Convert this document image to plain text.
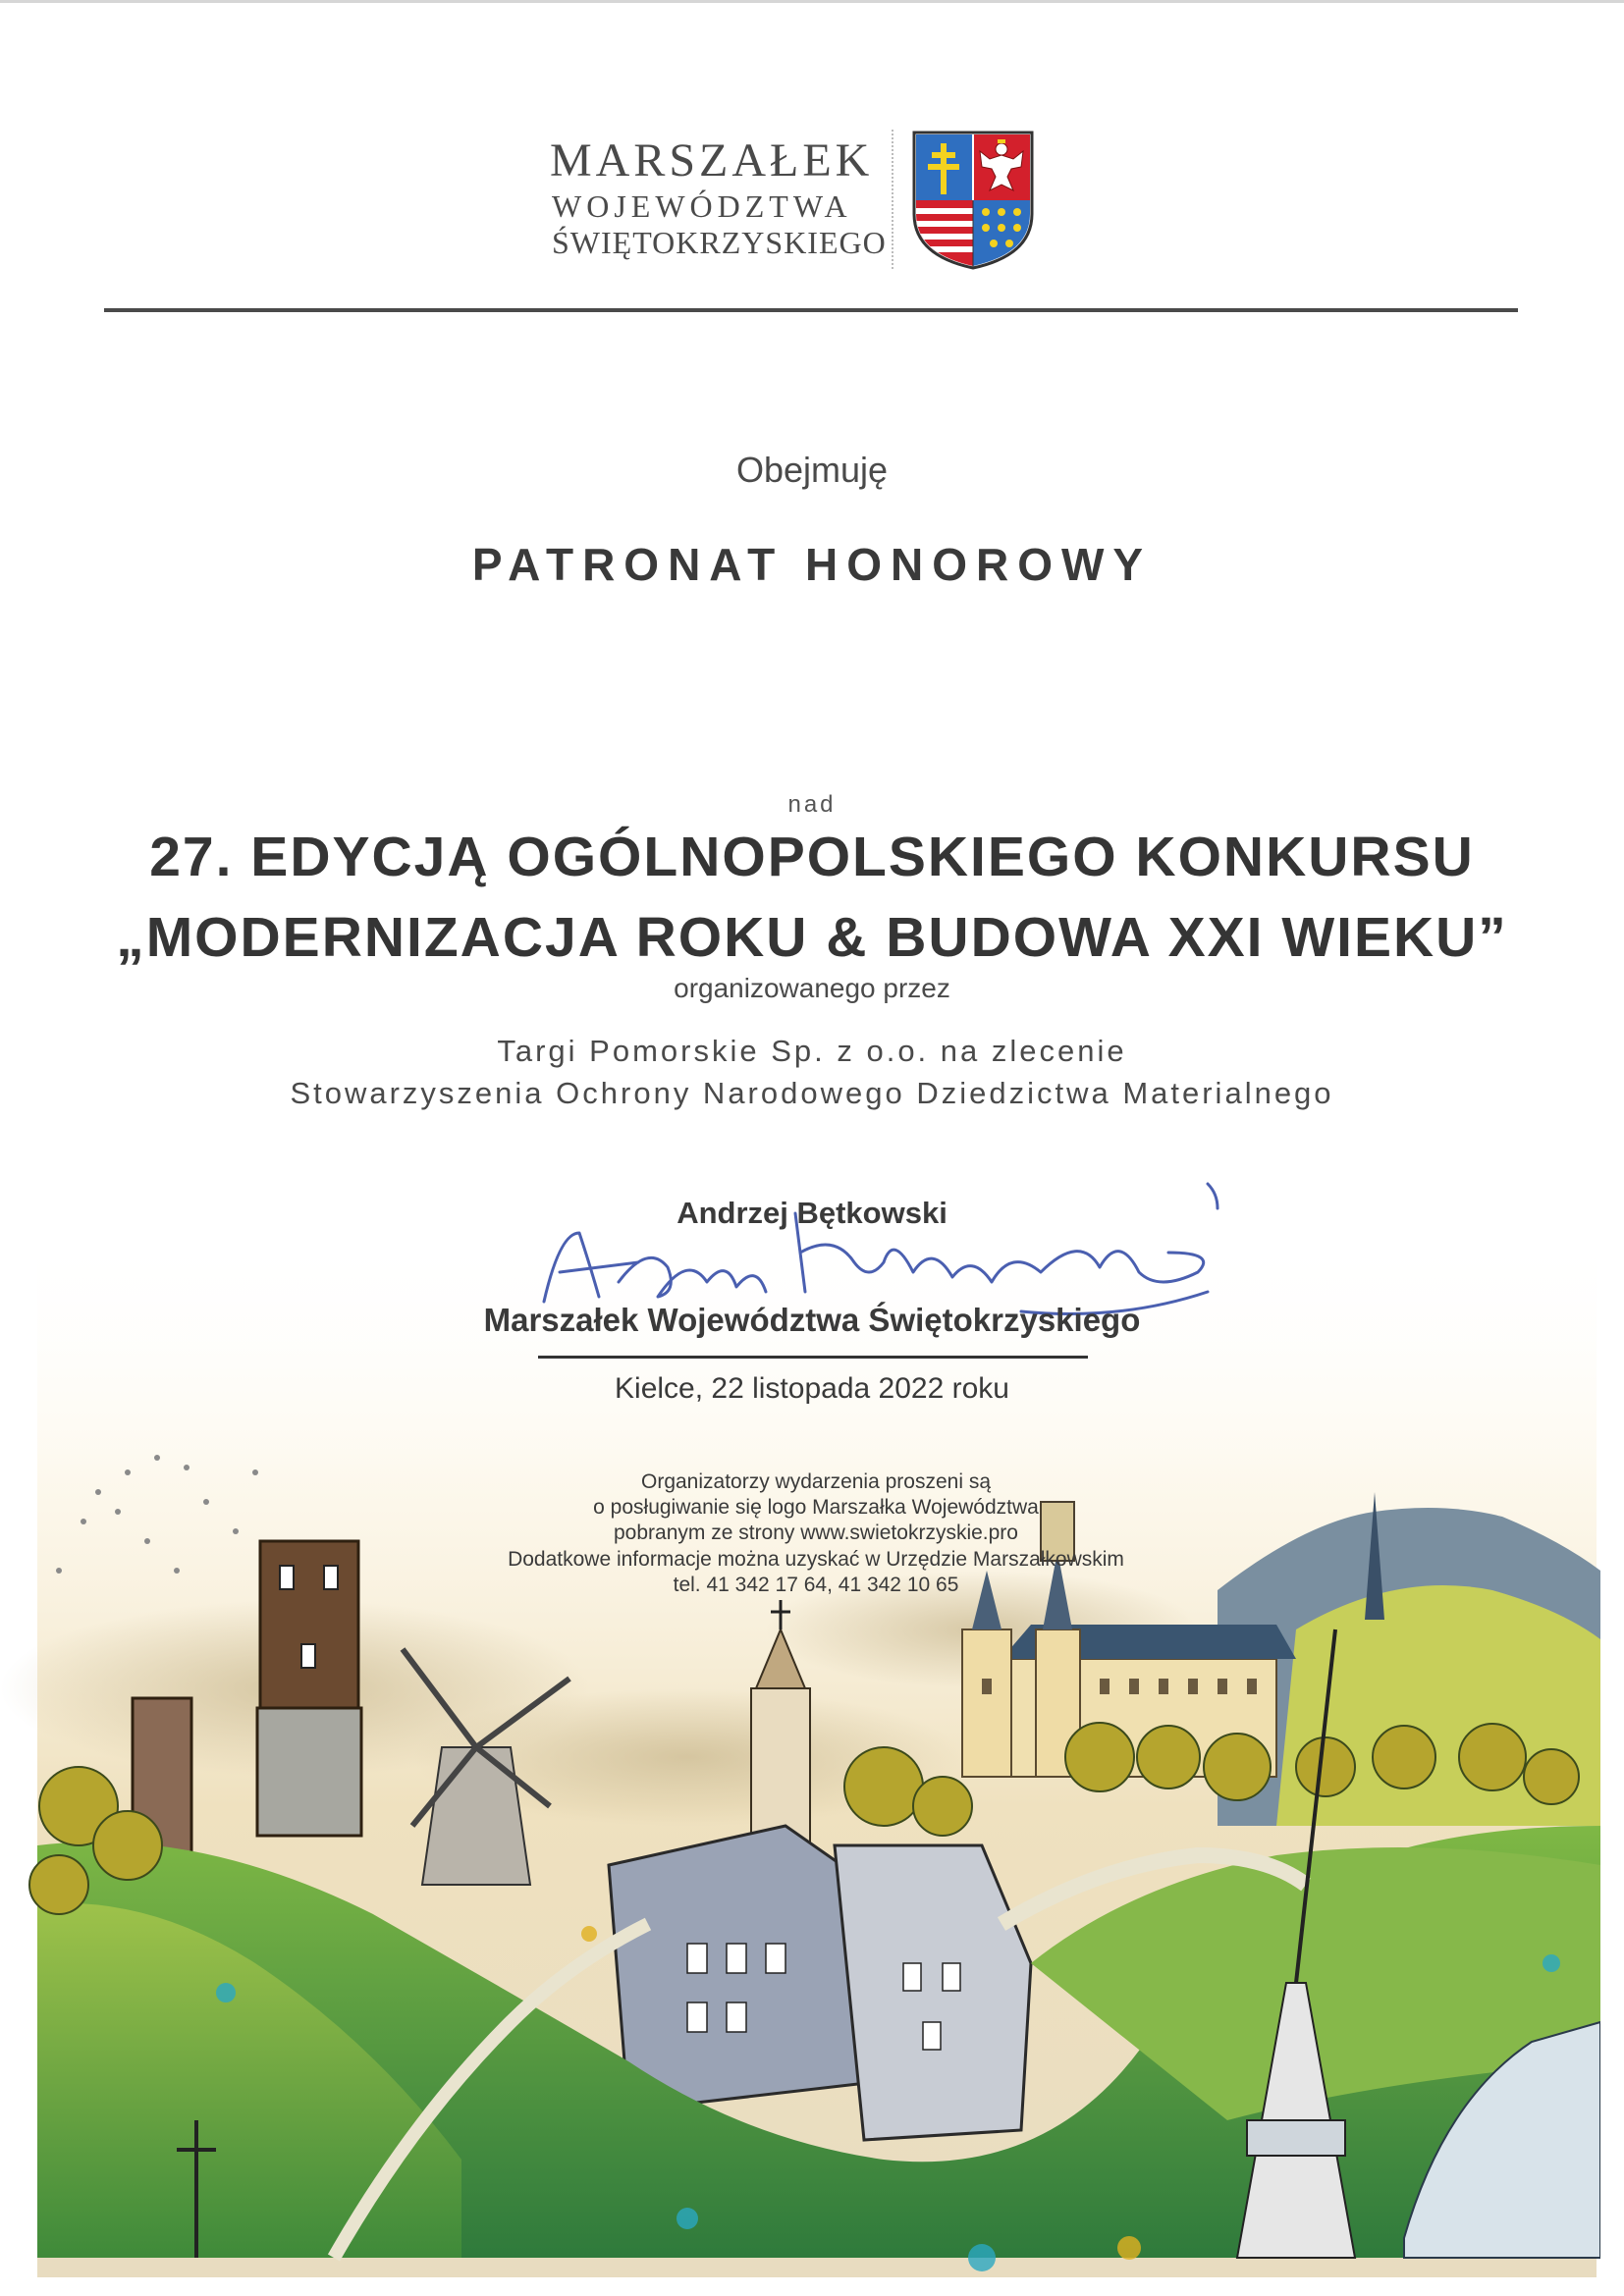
MARSZAŁEK
WOJEWÓDZTWA
ŚWIĘTOKRZYSKIEGO
Obejmuję
PATRONAT HONOROWY
nad
27. EDYCJĄ OGÓLNOPOLSKIEGO KONKURSU
„MODERNIZACJA ROKU & BUDOWA XXI WIEKU”
organizowanego przez
Targi Pomorskie Sp. z o.o. na zlecenie
Stowarzyszenia Ochrony Narodowego Dziedzictwa Materialnego
Andrzej Bętkowski
Marszałek Województwa Świętokrzyskiego
Kielce, 22 listopada 2022 roku
Organizatorzy wydarzenia proszeni są
o posługiwanie się logo Marszałka Województwa
pobranym ze strony www.swietokrzyskie.pro
Dodatkowe informacje można uzyskać w Urzędzie Marszałkowskim
tel. 41 342 17 64, 41 342 10 65
